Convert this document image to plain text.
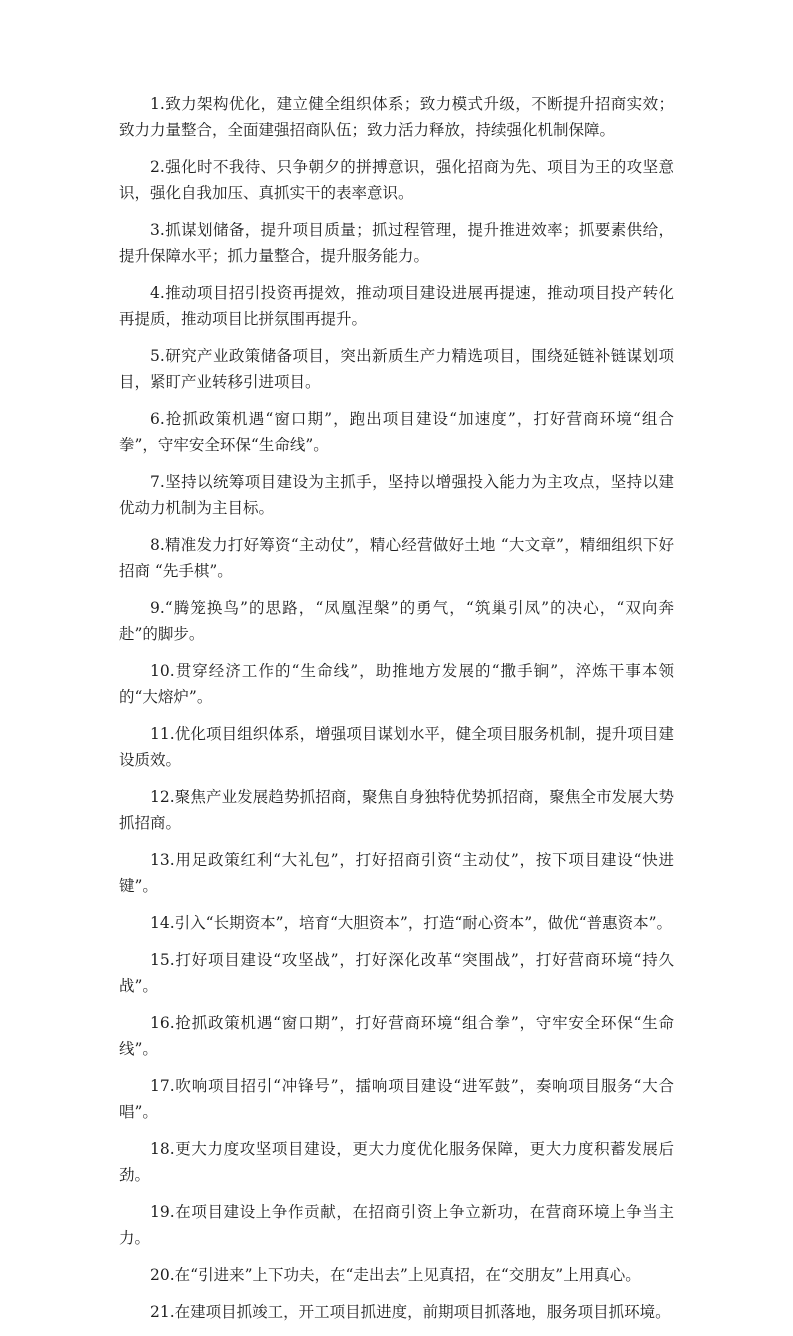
1.致力架构优化，建立健全组织体系；致力模式升级，不断提升招商实效；致力力量整合，全面建强招商队伍；致力活力释放，持续强化机制保障。

2.强化时不我待、只争朝夕的拼搏意识，强化招商为先、项目为王的攻坚意识，强化自我加压、真抓实干的表率意识。

3.抓谋划储备，提升项目质量；抓过程管理，提升推进效率；抓要素供给，提升保障水平；抓力量整合，提升服务能力。

4.推动项目招引投资再提效，推动项目建设进展再提速，推动项目投产转化再提质，推动项目比拼氛围再提升。

5.研究产业政策储备项目，突出新质生产力精选项目，围绕延链补链谋划项目，紧盯产业转移引进项目。

6.抢抓政策机遇“窗口期”，跑出项目建设“加速度”，打好营商环境“组合拳”，守牢安全环保“生命线”。

7.坚持以统筹项目建设为主抓手，坚持以增强投入能力为主攻点，坚持以建优动力机制为主目标。

8.精准发力打好筹资“主动仗”，精心经营做好土地 “大文章”，精细组织下好招商 “先手棋”。

9.“腾笼换鸟”的思路，“凤凰涅槃”的勇气，“筑巢引凤”的决心，“双向奔赴”的脚步。

10.贯穿经济工作的“生命线”，助推地方发展的“撒手锏”，淬炼干事本领的“大熔炉”。

11.优化项目组织体系，增强项目谋划水平，健全项目服务机制，提升项目建设质效。

12.聚焦产业发展趋势抓招商，聚焦自身独特优势抓招商，聚焦全市发展大势抓招商。

13.用足政策红利“大礼包”，打好招商引资“主动仗”，按下项目建设“快进键”。

14.引入“长期资本”，培育“大胆资本”，打造“耐心资本”，做优“普惠资本”。

15.打好项目建设“攻坚战”，打好深化改革“突围战”，打好营商环境“持久战”。

16.抢抓政策机遇“窗口期”，打好营商环境“组合拳”，守牢安全环保“生命线”。

17.吹响项目招引“冲锋号”，擂响项目建设“进军鼓”，奏响项目服务“大合唱”。

18.更大力度攻坚项目建设，更大力度优化服务保障，更大力度积蓄发展后劲。

19.在项目建设上争作贡献，在招商引资上争立新功，在营商环境上争当主力。

20.在“引进来”上下功夫，在“走出去”上见真招，在“交朋友”上用真心。

21.在建项目抓竣工，开工项目抓进度，前期项目抓落地，服务项目抓环境。
